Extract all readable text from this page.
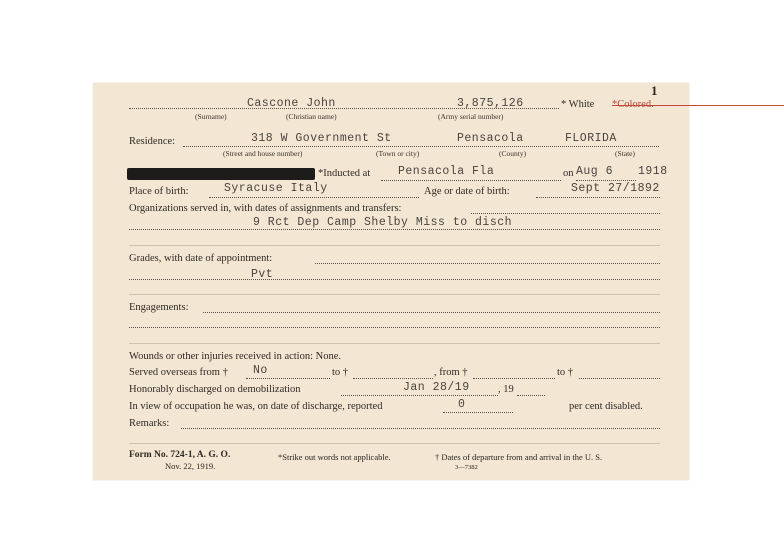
1
Cascone John	3,875,126	* White *Colored.
(Surname)	(Christian name)	(Army serial number)
Residence:	318 W Government St	Pensacola	FLORIDA
(Street and house number)	(Town or city)	(County)	(State)
*Inducted at Pensacola Fla	on Aug 6 1918
Place of birth:	Syracuse Italy	Age or date of birth:	Sept 27/1892
Organizations served in, with dates of assignments and transfers:
9 Rct Dep Camp Shelby Miss to disch
Grades, with date of appointment:
Pvt
Engagements:
Wounds or other injuries received in action: None.
Served overseas from † No	to †	, from †	to †
Honorably discharged on demobilization	Jan 28/19	, 19
In view of occupation he was, on date of discharge, reported	0	per cent disabled.
Remarks:
Form No. 724-1, A. G. O.
Nov. 22, 1919.
*Strike out words not applicable.	† Dates of departure from and arrival in the U. S.
3—7382
